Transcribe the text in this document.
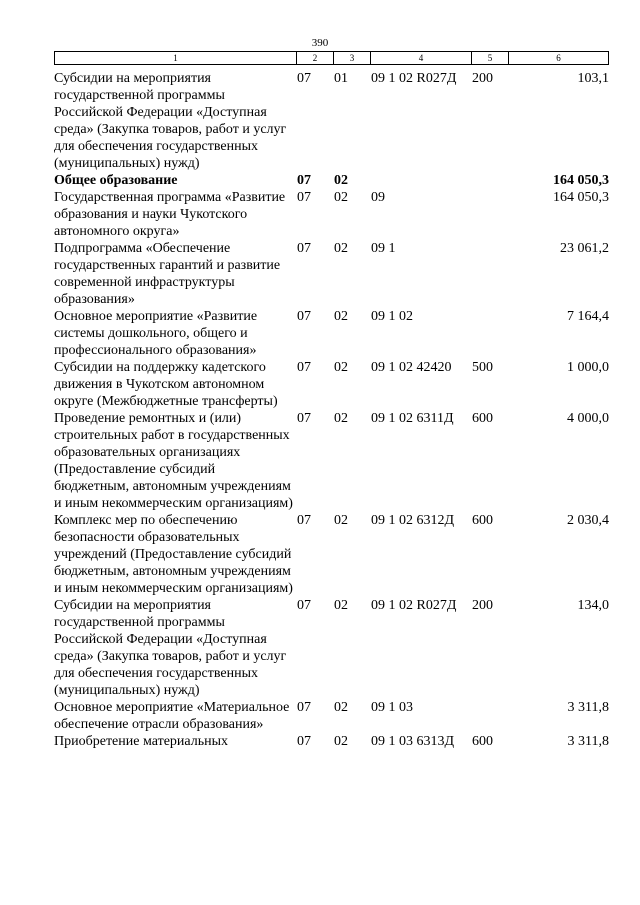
390
1	2	3	4	5	6
Субсидии на мероприятия государственной программы Российской Федерации «Доступная среда» (Закупка товаров, работ и услуг для обеспечения государственных (муниципальных) нужд)	07	01	09 1 02 R027Д	200	103,1
Общее образование	07	02			164 050,3
Государственная программа «Развитие образования и науки Чукотского автономного округа»	07	02	09		164 050,3
Подпрограмма «Обеспечение государственных гарантий и развитие современной инфраструктуры образования»	07	02	09 1		23 061,2
Основное мероприятие «Развитие системы дошкольного, общего и профессионального образования»	07	02	09 1 02		7 164,4
Субсидии на поддержку кадетского движения в Чукотском автономном округе (Межбюджетные трансферты)	07	02	09 1 02 42420	500	1 000,0
Проведение ремонтных и (или) строительных работ в государственных образовательных организациях (Предоставление субсидий бюджетным, автономным учреждениям и иным некоммерческим организациям)	07	02	09 1 02 6311Д	600	4 000,0
Комплекс мер по обеспечению безопасности образовательных учреждений (Предоставление субсидий бюджетным, автономным учреждениям и иным некоммерческим организациям)	07	02	09 1 02 6312Д	600	2 030,4
Субсидии на мероприятия государственной программы Российской Федерации «Доступная среда» (Закупка товаров, работ и услуг для обеспечения государственных (муниципальных) нужд)	07	02	09 1 02 R027Д	200	134,0
Основное мероприятие «Материальное обеспечение отрасли образования»	07	02	09 1 03		3 311,8
Приобретение материальных	07	02	09 1 03 6313Д	600	3 311,8
